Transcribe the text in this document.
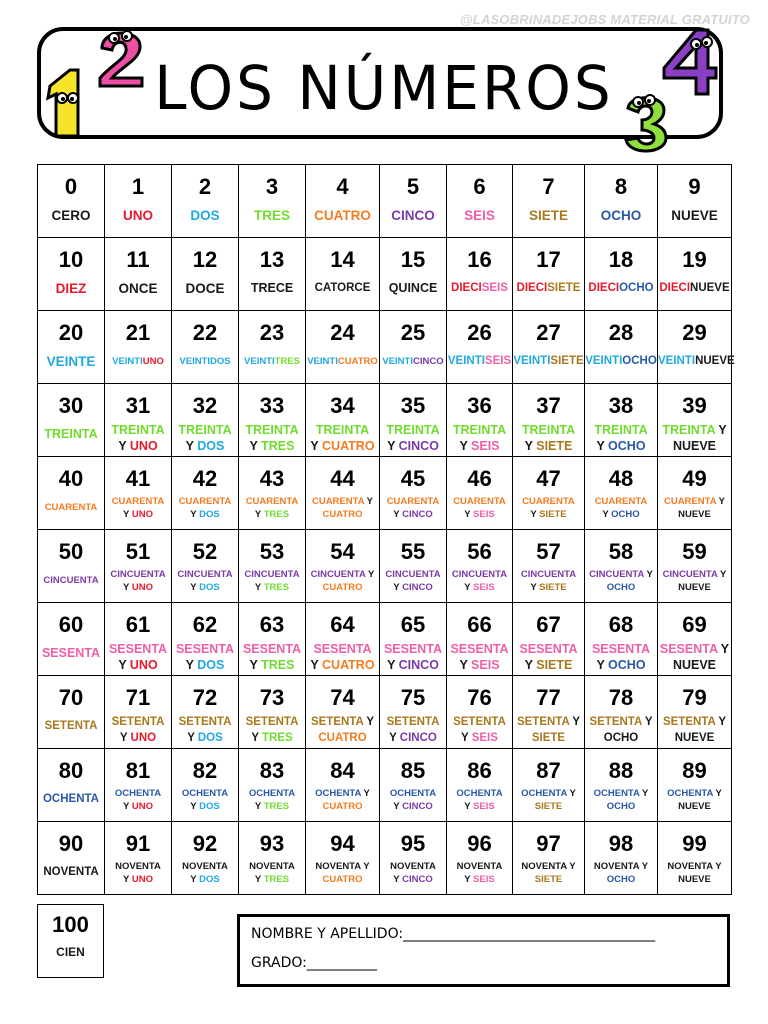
@LASOBRINADEJOBS MATERIAL GRATUITO
LOS NÚMEROS
0
CERO	1
UNO	2
DOS	3
TRES	4
CUATRO	5
CINCO	6
SEIS	7
SIETE	8
OCHO	9
NUEVE

10
DIEZ	11
ONCE	12
DOCE	13
TRECE	14
CATORCE	15
QUINCE	16
DIECISEIS	17
DIECISIETE	18
DIECIOCHO	19
DIECINUEVE

20
VEINTE	21
VEINTIUNO	22
VEINTIDOS	23
VEINTITRES	24
VEINTICUATRO	25
VEINTICINCO	26
VEINTISEIS	27
VEINTISIETE	28
VEINTIOCHO	29
VEINTINUEVE

30
TREINTA	31
TREINTA
Y UNO	32
TREINTA
Y DOS	33
TREINTA
Y TRES	34
TREINTA
Y CUATRO	35
TREINTA
Y CINCO	36
TREINTA
Y SEIS	37
TREINTA
Y SIETE	38
TREINTA
Y OCHO	39
TREINTA Y
NUEVE

40
CUARENTA	41
CUARENTA
Y UNO	42
CUARENTA
Y DOS	43
CUARENTA
Y TRES	44
CUARENTA Y
CUATRO	45
CUARENTA
Y CINCO	46
CUARENTA
Y SEIS	47
CUARENTA
Y SIETE	48
CUARENTA
Y OCHO	49
CUARENTA Y
NUEVE

50
CINCUENTA	51
CINCUENTA
Y UNO	52
CINCUENTA
Y DOS	53
CINCUENTA
Y TRES	54
CINCUENTA Y
CUATRO	55
CINCUENTA
Y CINCO	56
CINCUENTA
Y SEIS	57
CINCUENTA
Y SIETE	58
CINCUENTA Y
OCHO	59
CINCUENTA Y
NUEVE

60
SESENTA	61
SESENTA
Y UNO	62
SESENTA
Y DOS	63
SESENTA
Y TRES	64
SESENTA
Y CUATRO	65
SESENTA
Y CINCO	66
SESENTA
Y SEIS	67
SESENTA
Y SIETE	68
SESENTA
Y OCHO	69
SESENTA Y
NUEVE

70
SETENTA	71
SETENTA
Y UNO	72
SETENTA
Y DOS	73
SETENTA
Y TRES	74
SETENTA Y
CUATRO	75
SETENTA
Y CINCO	76
SETENTA
Y SEIS	77
SETENTA Y
SIETE	78
SETENTA Y
OCHO	79
SETENTA Y
NUEVE

80
OCHENTA	81
OCHENTA
Y UNO	82
OCHENTA
Y DOS	83
OCHENTA
Y TRES	84
OCHENTA Y
CUATRO	85
OCHENTA
Y CINCO	86
OCHENTA
Y SEIS	87
OCHENTA Y
SIETE	88
OCHENTA Y
OCHO	89
OCHENTA Y
NUEVE

90
NOVENTA	91
NOVENTA
Y UNO	92
NOVENTA
Y DOS	93
NOVENTA
Y TRES	94
NOVENTA Y
CUATRO	95
NOVENTA
Y CINCO	96
NOVENTA
Y SEIS	97
NOVENTA Y
SIETE	98
NOVENTA Y
OCHO	99
NOVENTA Y
NUEVE
100
CIEN
NOMBRE Y APELLIDO:____________________________________
GRADO:__________
